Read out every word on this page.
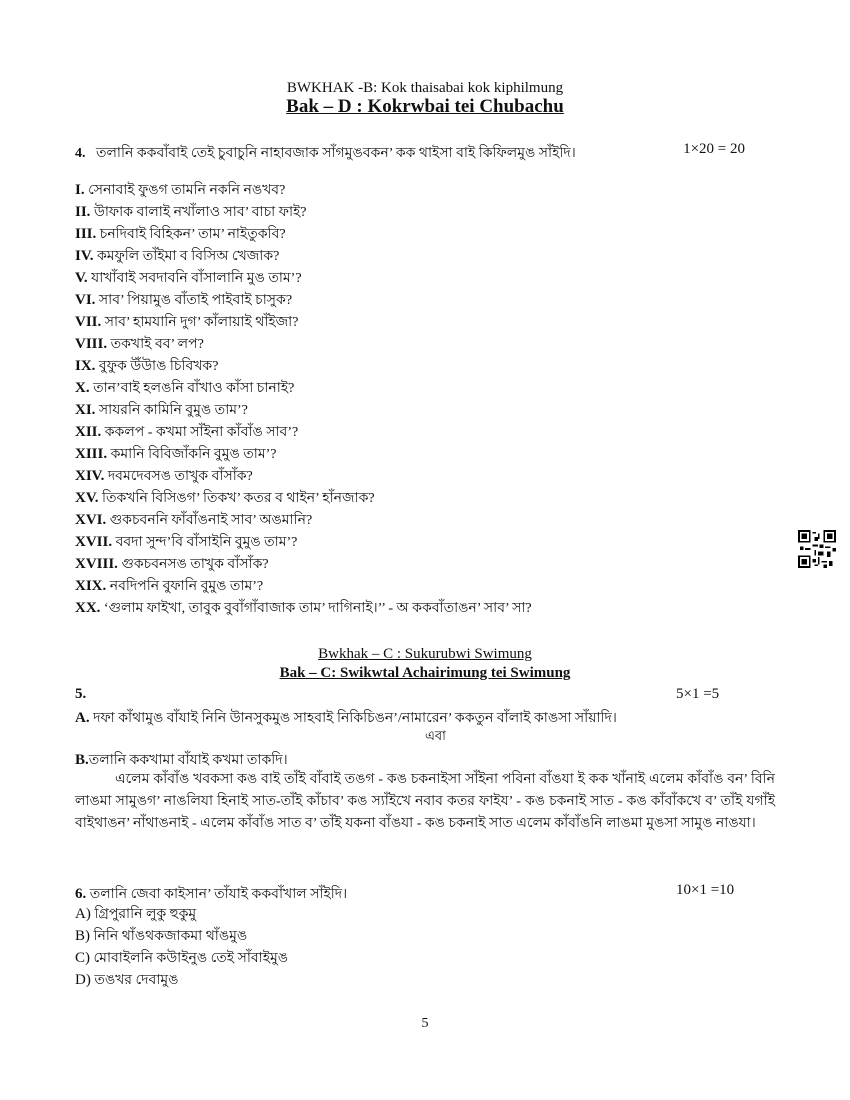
BWKHAK -B: Kok thaisabai kok kiphilmung
Bak – D : Kokrwbai tei Chubachu
4. তলানি ককবাঁবাই তেই চুবাচুনি নাহাবজাক সাঁগমুঙবকন’ কক থাইসা বাই কিফিলমুঙ সাঁইদি।	1×20 = 20
I. সেনাবাই ফুঙগ তামনি নকনি নঙখব?
II. উাফাক বালাই নখাঁলাও সাব’ বাচা ফাই?
III. চনদিবাই বিহিকন’ তাম’ নাইতুকবি?
IV. কমফুলি তাঁইমা ব বিসিঅ খেজাক?
V. যাখাঁবাই সবদাবনি বাঁসালানি মুঙ তাম’?
VI. সাব’ পিয়ামুঙ বাঁতাই পাইবাই চাসুক?
VII. সাব’ হামযানি দুগ’ কাঁলায়াই থাঁইজা?
VIII. তকখাই বব’ লপ?
IX. বুফুক উঁউাঙ চিবিখক?
X. তান’বাই হলঙনি বাঁখাও কাঁসা চানাই?
XI. সাযরনি কামিনি বুমুঙ তাম’?
XII. ককলপ - কখমা সাঁইনা কাঁবাঁঙ সাব’?
XIII. কমানি বিবিজাঁকনি বুমুঙ তাম’?
XIV. দবমদেবসঙ তাখুক বাঁসাঁক?
XV. তিকখনি বিসিঙগ’ তিকখ’ কতর ব থাইন’ হাঁনজাক?
XVI. গুকচবননি ফাঁবাঁঙনাই সাব’ অঙমানি?
XVII. ববদা সুন্দ’বি বাঁসাইনি বুমুঙ তাম’?
XVIII. গুকচবনসঙ তাখুক বাঁসাঁক?
XIX. নবদিপনি বুফানি বুমুঙ তাম’?
XX. ‘গুলাম ফাইখা, তাবুক বুবাঁগাঁবাজাক তাম’ দাগিনাই।’’ - অ ককবাঁতাঙন’ সাব’ সা?
Bwkhak – C : Sukurubwi Swimung
Bak – C: Swikwtal Achairimung tei Swimung
5.	5×1 =5
A. দফা কাঁথামুঙ বাঁযাই নিনি উানসুকমুঙ সাহবাই নিকিচিঙন’/নামারেন’ ককতুন বাঁলাই কাঙসা সাঁয়াদি।
এবা
B.তলানি ককখামা বাঁযাই কখমা তাকদি।
এলেম কাঁবাঁঙ খবকসা কঙ বাই তাঁই বাঁবাই তঙগ - কঙ চকনাইসা সাঁইনা পবিনা বাঁঙযা ই কক খাঁনাই এলেম কাঁবাঁঙ বন’ বিনি লাঙমা সামুঙগ’ নাঙলিযা হিনাই সাত-তাঁই কাঁচাব’ কঙ স্যাঁইখে নবাব কতর ফাইয’ - কঙ চকনাই সাত - কঙ কাঁবাঁকখে ব’ তাঁই যগাঁই বাইথাঙন’ নাঁথাঙনাই - এলেম কাঁবাঁঙ সাত ব’ তাঁই যকনা বাঁঙযা - কঙ চকনাই সাত এলেম কাঁবাঁঙনি লাঙমা মুঙসা সামুঙ নাঙযা।
6. তলানি জেবা কাইসান’ তাঁযাই ককবাঁখাল সাঁইদি।	10×1 =10
A) গ্রিপুরানি লুকু হুকুমু
B) নিনি থাঁঙথকজাকমা থাঁঙমুঙ
C) মোবাইলনি কউাইনুঙ তেই সাঁবাইমুঙ
D) তঙখর দেবামুঙ
5
